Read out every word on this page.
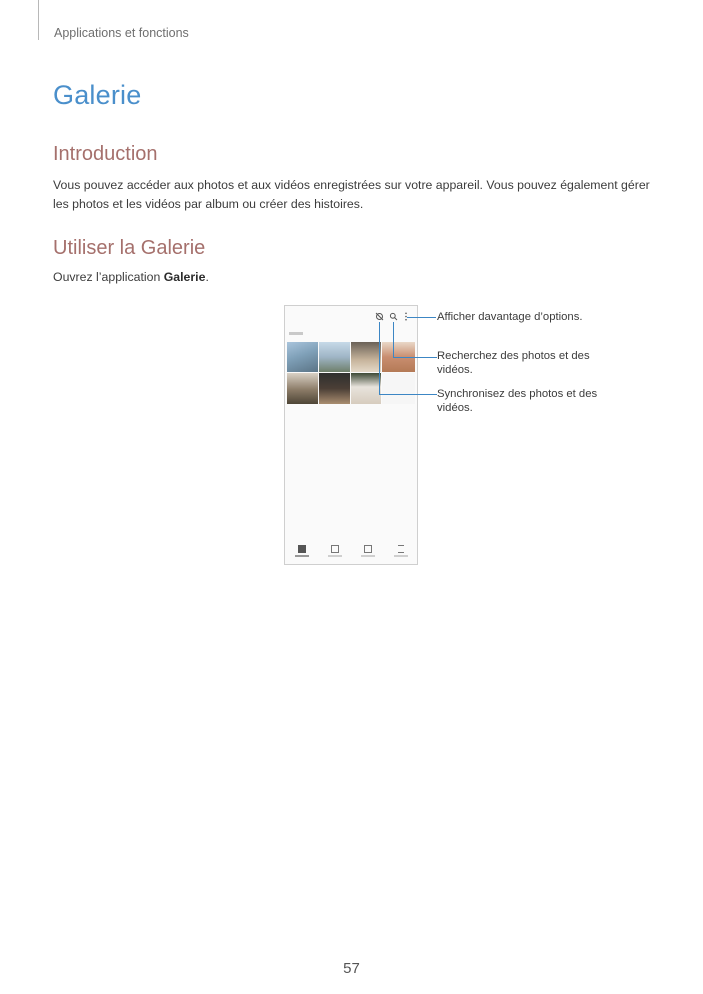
Applications et fonctions
Galerie
Introduction
Vous pouvez accéder aux photos et aux vidéos enregistrées sur votre appareil. Vous pouvez également gérer les photos et les vidéos par album ou créer des histoires.
Utiliser la Galerie
Ouvrez l’application Galerie.
Afficher davantage d’options.
Recherchez des photos et des vidéos.
Synchronisez des photos et des vidéos.
57
